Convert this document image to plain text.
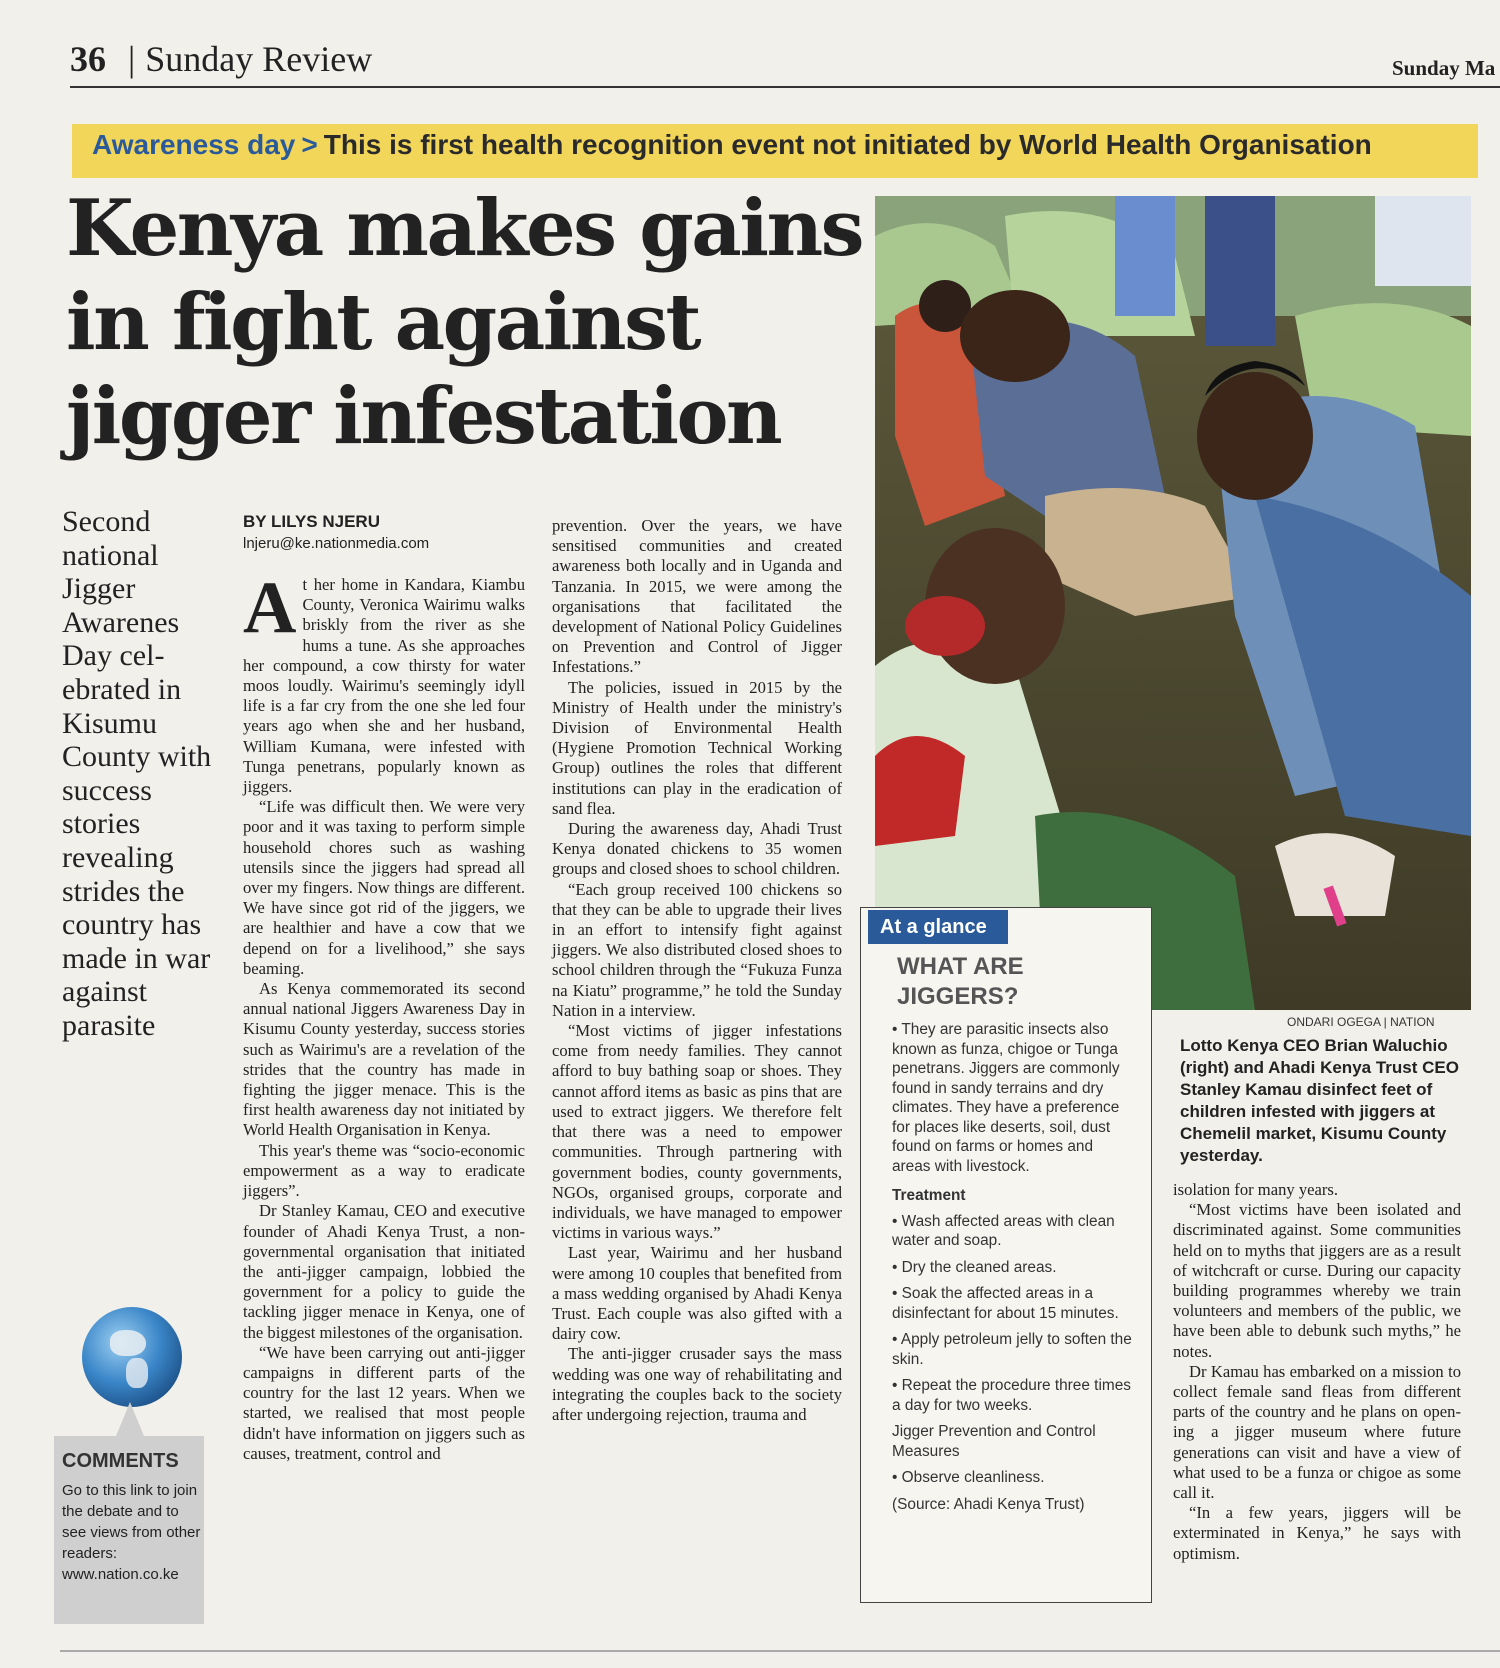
36 | Sunday Review	Sunday Ma
Awareness day > This is first health recognition event not initiated by World Health Organisation
Kenya makes gains
in fight against
jigger infestation
Second national Jigger Awarenes Day celebrated in Kisumu County with success stories revealing strides the country has made in war against parasite
BY LILYS NJERU
lnjeru@ke.nationmedia.com

At her home in Kandara, Kiambu County, Veronica Wairimu walks briskly from the river as she hums a tune. As she approaches her compound, a cow thirsty for water moos loudly. Wairimu's seemingly idyll life is a far cry from the one she led four years ago when she and her husband, William Kumana, were infested with Tunga penetrans, popularly known as jiggers.

“Life was difficult then. We were very poor and it was taxing to perform simple household chores such as washing utensils since the jiggers had spread all over my fingers. Now things are different. We have since got rid of the jiggers, we are healthier and have a cow that we depend on for a livelihood,” she says beaming.

As Kenya commemorated its second annual national Jiggers Awareness Day in Kisumu County yesterday, success stories such as Wairimu's are a revelation of the strides that the country has made in fighting the jigger menace. This is the first health awareness day not initiated by World Health Organisation in Kenya.

This year's theme was “socio-economic empowerment as a way to eradicate jiggers”.

Dr Stanley Kamau, CEO and executive founder of Ahadi Kenya Trust, a non-governmental organisation that initiated the anti-jigger campaign, lobbied the government for a policy to guide the tackling jigger menace in Kenya, one of the biggest milestones of the organisation.

“We have been carrying out anti-jigger campaigns in different parts of the country for the last 12 years. When we started, we realised that most people didn't have information on jiggers such as causes, treatment, control and

prevention. Over the years, we have sensitised communities and created awareness both locally and in Uganda and Tanzania. In 2015, we were among the organisations that facilitated the development of National Policy Guidelines on Prevention and Control of Jigger Infestations.”

The policies, issued in 2015 by the Ministry of Health under the ministry's Division of Environmental Health (Hygiene Promotion Technical Working Group) outlines the roles that different institutions can play in the eradication of sand flea.

During the awareness day, Ahadi Trust Kenya donated chickens to 35 women groups and closed shoes to school children.

“Each group received 100 chickens so that they can be able to upgrade their lives in an effort to intensify fight against jiggers. We also distributed closed shoes to school children through the “Fukuza Funza na Kiatu” programme,” he told the Sunday Nation in a interview.

“Most victims of jigger infestations come from needy families. They cannot afford to buy bathing soap or shoes. They cannot afford items as basic as pins that are used to extract jiggers. We therefore felt that there was a need to empower communities. Through partnering with government bodies, county governments, NGOs, organised groups, corporate and individuals, we have managed to empower victims in various ways.”

Last year, Wairimu and her husband were among 10 couples that benefited from a mass wedding organised by Ahadi Kenya Trust. Each couple was also gifted with a dairy cow.

The anti-jigger crusader says the mass wedding was one way of rehabilitating and integrating the couples back to the society after undergoing rejection, trauma and

ONDARI OGEGA | NATION
Lotto Kenya CEO Brian Waluchio (right) and Ahadi Kenya Trust CEO Stanley Kamau disinfect feet of children infested with jiggers at Chemelil market, Kisumu County yesterday.
At a glance
WHAT ARE JIGGERS?

• They are parasitic insects also known as funza, chigoe or Tunga penetrans. Jiggers are commonly found in sandy terrains and dry climates. They have a preference for places like deserts, soil, dust found on farms or homes and areas with livestock.

Treatment

• Wash affected areas with clean water and soap.

• Dry the cleaned areas.

• Soak the affected areas in a disinfectant for about 15 minutes.

• Apply petroleum jelly to soften the skin.

• Repeat the procedure three times a day for two weeks.

Jigger Prevention and Control Measures

• Observe cleanliness.

(Source: Ahadi Kenya Trust)

isolation for many years.

“Most victims have been isolated and discriminated against. Some communities held on to myths that jiggers are as a result of witchcraft or curse. During our capacity building programmes whereby we train volunteers and members of the public, we have been able to debunk such myths,” he notes.

Dr Kamau has embarked on a mission to collect female sand fleas from different parts of the country and he plans on opening a jigger museum where future generations can visit and have a view of what used to be a funza or chigoe as some call it.

“In a few years, jiggers will be exterminated in Kenya,” he says with optimism.

COMMENTS
Go to this link to join the debate and to see views from other readers: www.nation.co.ke
